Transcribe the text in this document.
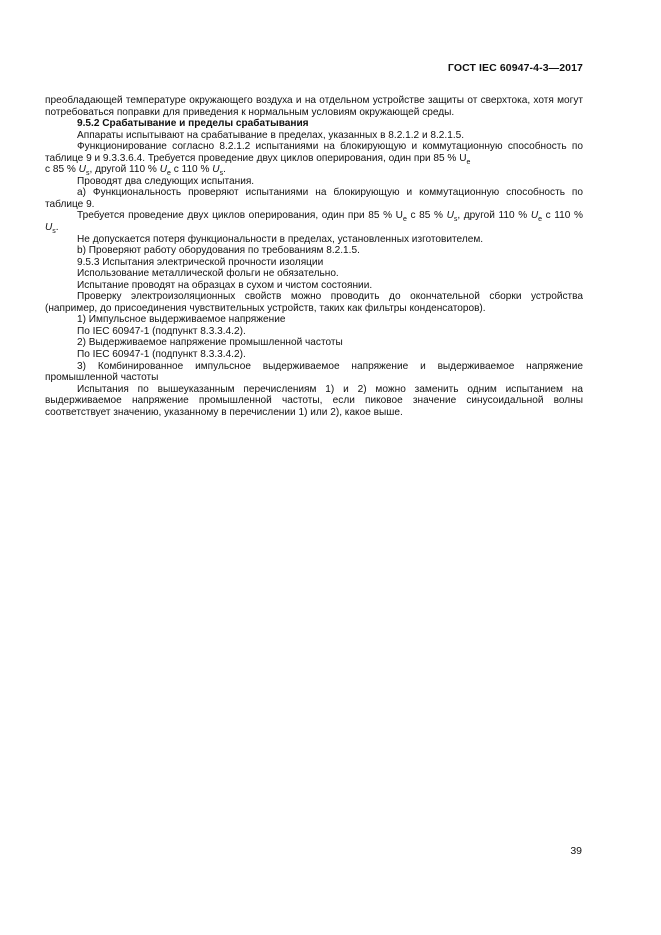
ГОСТ IEC 60947-4-3—2017

преобладающей температуре окружающего воздуха и на отдельном устройстве защиты от сверхтока, хотя могут потребоваться поправки для приведения к нормальным условиям окружающей среды.

9.5.2 Срабатывание и пределы срабатывания

Аппараты испытывают на срабатывание в пределах, указанных в 8.2.1.2 и 8.2.1.5.

Функционирование согласно 8.2.1.2 испытаниями на блокирующую и коммутационную способность по таблице 9 и 9.3.3.6.4. Требуется проведение двух циклов оперирования, один при 85 % $U_e$
с 85 % $U_s$, другой 110 % $U_e$ с 110 % $U_s$.

Проводят два следующих испытания.

а) Функциональность проверяют испытаниями на блокирующую и коммутационную способность по таблице 9.

Требуется проведение двух циклов оперирования, один при 85 % $U_e$ с 85 % $U_s$, другой 110 % $U_e$ с 110 % $U_s$.

Не допускается потеря функциональности в пределах, установленных изготовителем.

b) Проверяют работу оборудования по требованиям 8.2.1.5.

9.5.3 Испытания электрической прочности изоляции

Использование металлической фольги не обязательно.

Испытание проводят на образцах в сухом и чистом состоянии.

Проверку электроизоляционных свойств можно проводить до окончательной сборки устройства (например, до присоединения чувствительных устройств, таких как фильтры конденсаторов).

1) Импульсное выдерживаемое напряжение

По IEC 60947-1 (подпункт 8.3.3.4.2).

2) Выдерживаемое напряжение промышленной частоты

По IEC 60947-1 (подпункт 8.3.3.4.2).

3) Комбинированное импульсное выдерживаемое напряжение и выдерживаемое напряжение промышленной частоты

Испытания по вышеуказанным перечислениям 1) и 2) можно заменить одним испытанием на выдерживаемое напряжение промышленной частоты, если пиковое значение синусоидальной волны соответствует значению, указанному в перечислении 1) или 2), какое выше.

39
